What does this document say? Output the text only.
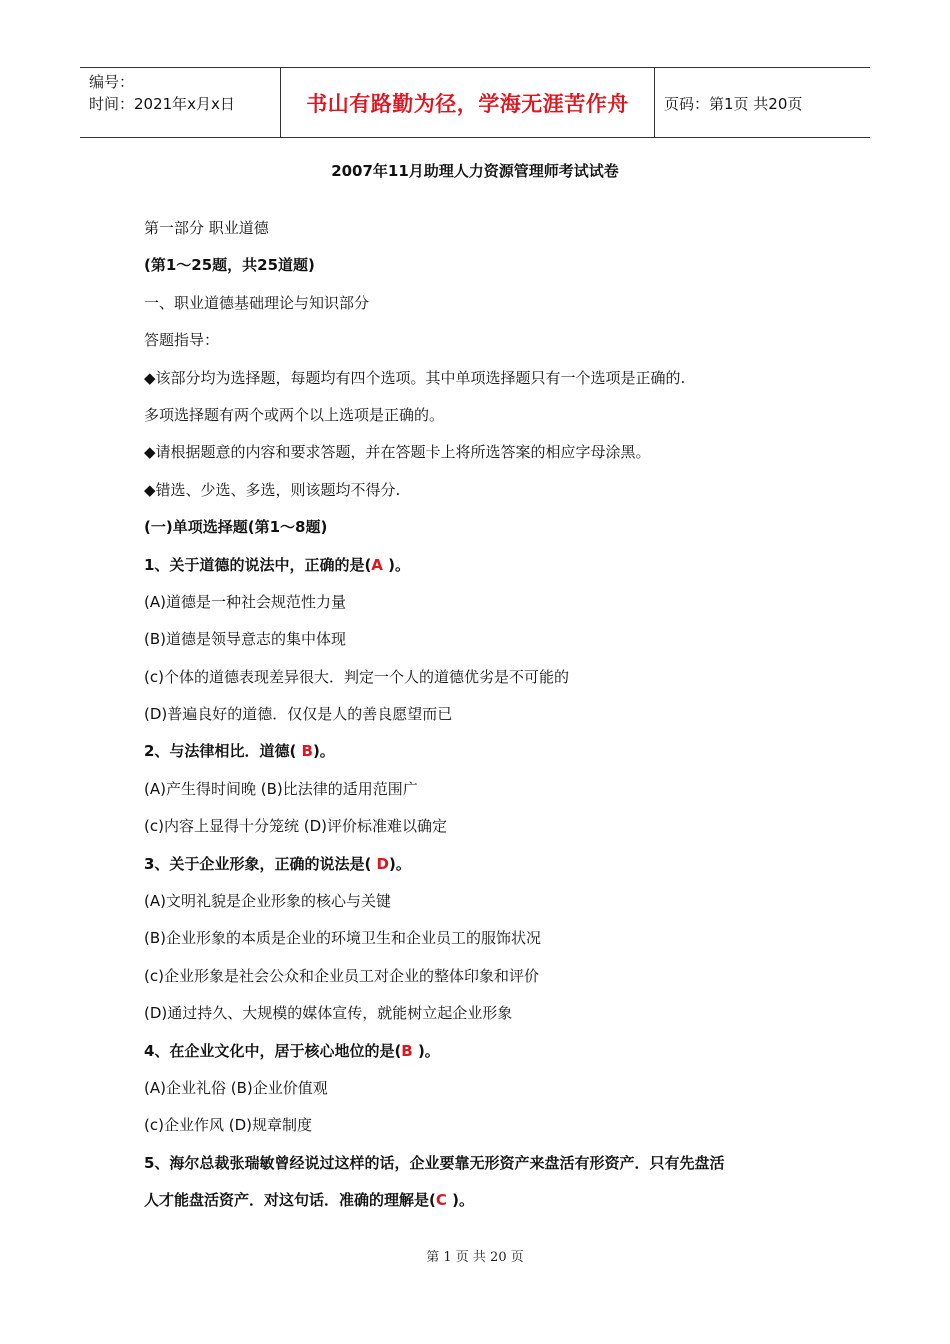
编号：
时间：2021年x月x日	书山有路勤为径，学海无涯苦作舟	页码：第1页 共20页
2007年11月助理人力资源管理师考试试卷
第一部分 职业道德
(第1～25题，共25道题)
一、职业道德基础理论与知识部分
答题指导：
◆该部分均为选择题，每题均有四个选项。其中单项选择题只有一个选项是正确的.
多项选择题有两个或两个以上选项是正确的。
◆请根据题意的内容和要求答题，并在答题卡上将所选答案的相应字母涂黑。
◆错选、少选、多选，则该题均不得分.
(一)单项选择题(第1～8题)
1、关于道德的说法中，正确的是(A )。
(A)道德是一种社会规范性力量
(B)道德是领导意志的集中体现
(c)个体的道德表现差异很大．判定一个人的道德优劣是不可能的
(D)普遍良好的道德．仅仅是人的善良愿望而已
2、与法律相比．道德( B)。
(A)产生得时间晚 (B)比法律的适用范围广
(c)内容上显得十分笼统 (D)评价标准难以确定
3、关于企业形象，正确的说法是( D)。
(A)文明礼貌是企业形象的核心与关键
(B)企业形象的本质是企业的环境卫生和企业员工的服饰状况
(c)企业形象是社会公众和企业员工对企业的整体印象和评价
(D)通过持久、大规模的媒体宣传，就能树立起企业形象
4、在企业文化中，居于核心地位的是(B )。
(A)企业礼俗 (B)企业价值观
(c)企业作风 (D)规章制度
5、海尔总裁张瑞敏曾经说过这样的话，企业要靠无形资产来盘活有形资产．只有先盘活
人才能盘活资产．对这句话．准确的理解是(C )。
第 1 页 共 20 页
